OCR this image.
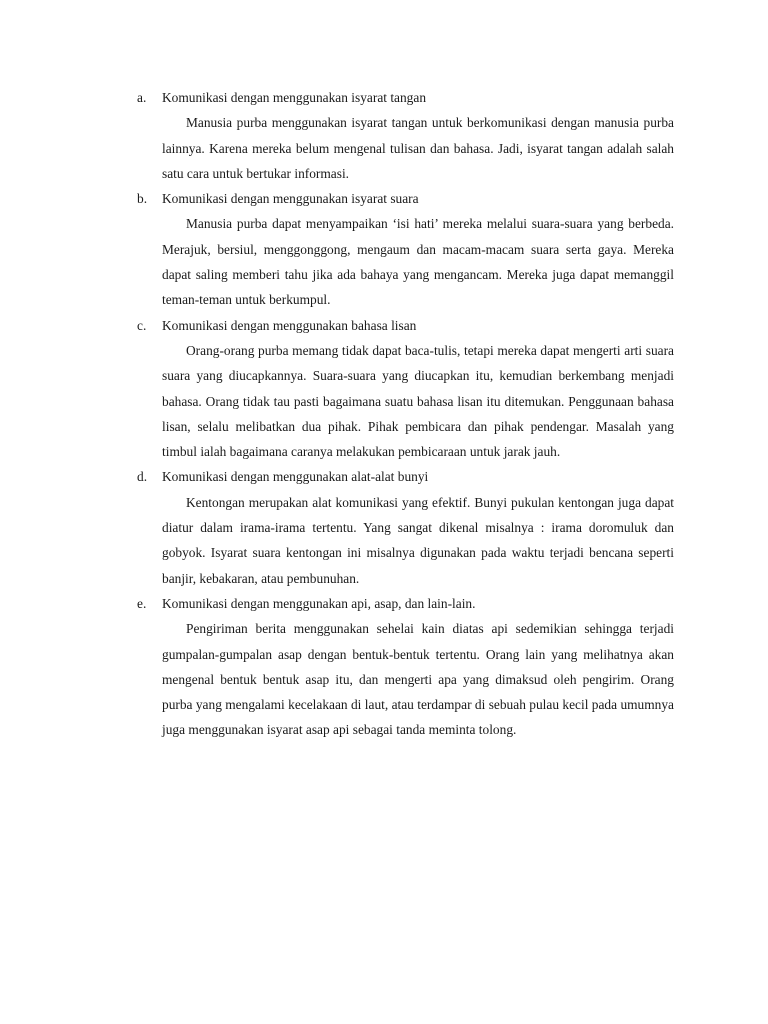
a. Komunikasi dengan menggunakan isyarat tangan
Manusia purba menggunakan isyarat tangan untuk berkomunikasi dengan manusia purba lainnya. Karena mereka belum mengenal tulisan dan bahasa. Jadi, isyarat tangan adalah salah satu cara untuk bertukar informasi.
b. Komunikasi dengan menggunakan isyarat suara
Manusia purba dapat menyampaikan ‘isi hati’ mereka melalui suara-suara yang berbeda. Merajuk, bersiul, menggonggong, mengaum dan macam-macam suara serta gaya. Mereka dapat saling memberi tahu jika ada bahaya yang mengancam. Mereka juga dapat memanggil teman-teman untuk berkumpul.
c. Komunikasi dengan menggunakan bahasa lisan
Orang-orang purba memang tidak dapat baca-tulis, tetapi mereka dapat mengerti arti suara suara yang diucapkannya. Suara-suara yang diucapkan itu, kemudian berkembang menjadi bahasa. Orang tidak tau pasti bagaimana suatu bahasa lisan itu ditemukan. Penggunaan bahasa lisan, selalu melibatkan dua pihak. Pihak pembicara dan pihak pendengar. Masalah yang timbul ialah bagaimana caranya melakukan pembicaraan untuk jarak jauh.
d. Komunikasi dengan menggunakan alat-alat bunyi
Kentongan merupakan alat komunikasi yang efektif. Bunyi pukulan kentongan juga dapat diatur dalam irama-irama tertentu. Yang sangat dikenal misalnya : irama doromuluk dan gobyok. Isyarat suara kentongan ini misalnya digunakan pada waktu terjadi bencana seperti banjir, kebakaran, atau pembunuhan.
e. Komunikasi dengan menggunakan api, asap, dan lain-lain.
Pengiriman berita menggunakan sehelai kain diatas api sedemikian sehingga terjadi gumpalan-gumpalan asap dengan bentuk-bentuk tertentu. Orang lain yang melihatnya akan mengenal bentuk bentuk asap itu, dan mengerti apa yang dimaksud oleh pengirim. Orang purba yang mengalami kecelakaan di laut, atau terdampar di sebuah pulau kecil pada umumnya juga menggunakan isyarat asap api sebagai tanda meminta tolong.
